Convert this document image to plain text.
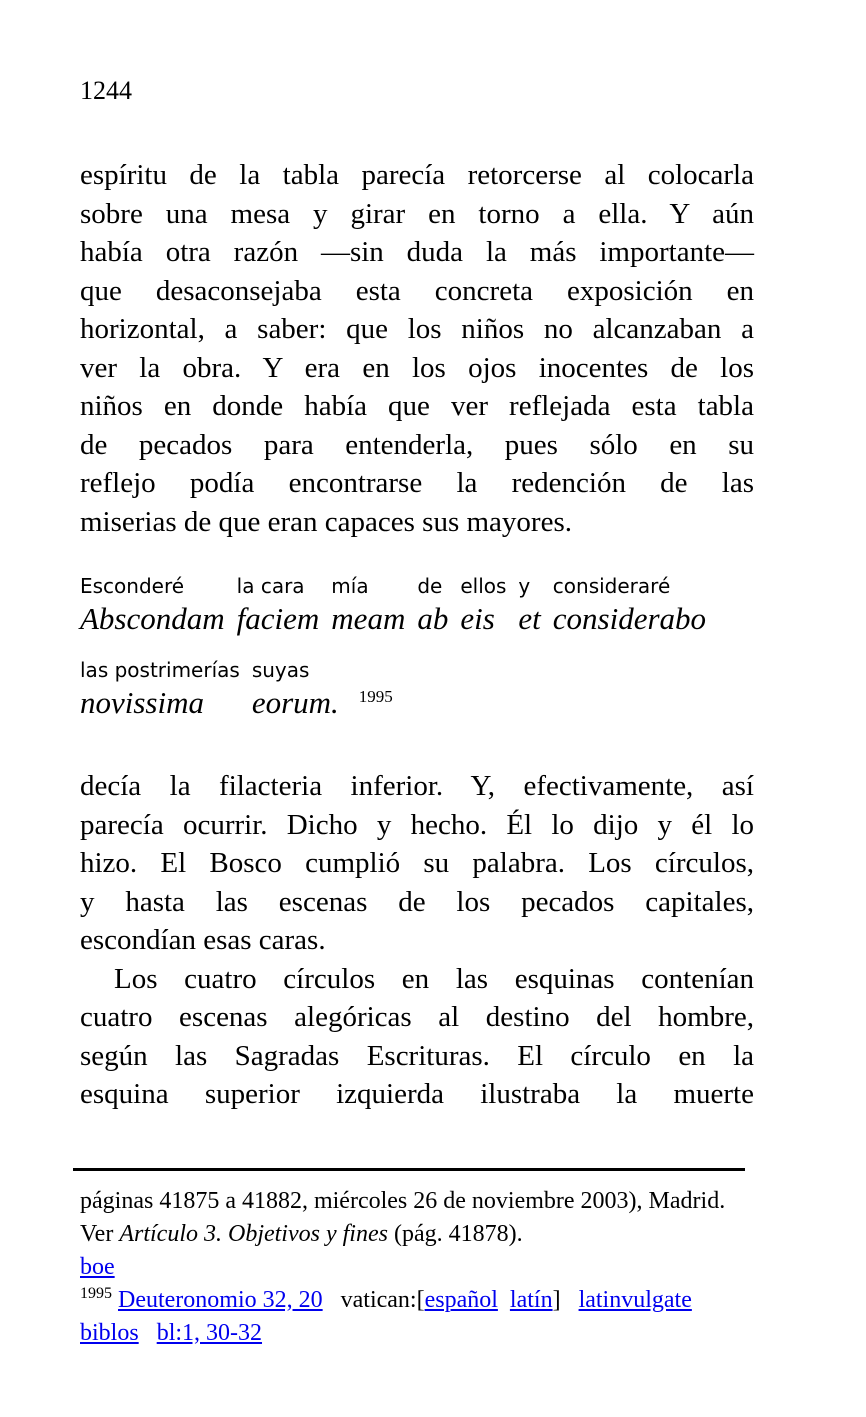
1244
espíritu de la tabla parecía retorcerse al colocarla
sobre una mesa y girar en torno a ella. Y aún
había otra razón —sin duda la más importante—
que desaconsejaba esta concreta exposición en
horizontal, a saber: que los niños no alcanzaban a
ver la obra. Y era en los ojos inocentes de los
niños en donde había que ver reflejada esta tabla
de pecados para entenderla, pues sólo en su
reflejo podía encontrarse la redención de las
miserias de que eran capaces sus mayores.
Esconderé
Abscondam
la cara
faciem
mía
meam
de
ab
ellos
eis
y
et
consideraré
considerabo
las postrimerías
novissima
suyas
eorum. 1995
decía la filacteria inferior. Y, efectivamente, así
parecía ocurrir. Dicho y hecho. Él lo dijo y él lo
hizo. El Bosco cumplió su palabra. Los círculos,
y hasta las escenas de los pecados capitales,
escondían esas caras.
Los cuatro círculos en las esquinas contenían
cuatro escenas alegóricas al destino del hombre,
según las Sagradas Escrituras. El círculo en la
esquina superior izquierda ilustraba la muerte
páginas 41875 a 41882, miércoles 26 de noviembre 2003), Madrid.
Ver Artículo 3. Objetivos y fines (pág. 41878).
boe
$^{1995}$ Deuteronomio 32, 20   vatican:[español latín]   latinvulgate
biblos bl:1, 30-32
